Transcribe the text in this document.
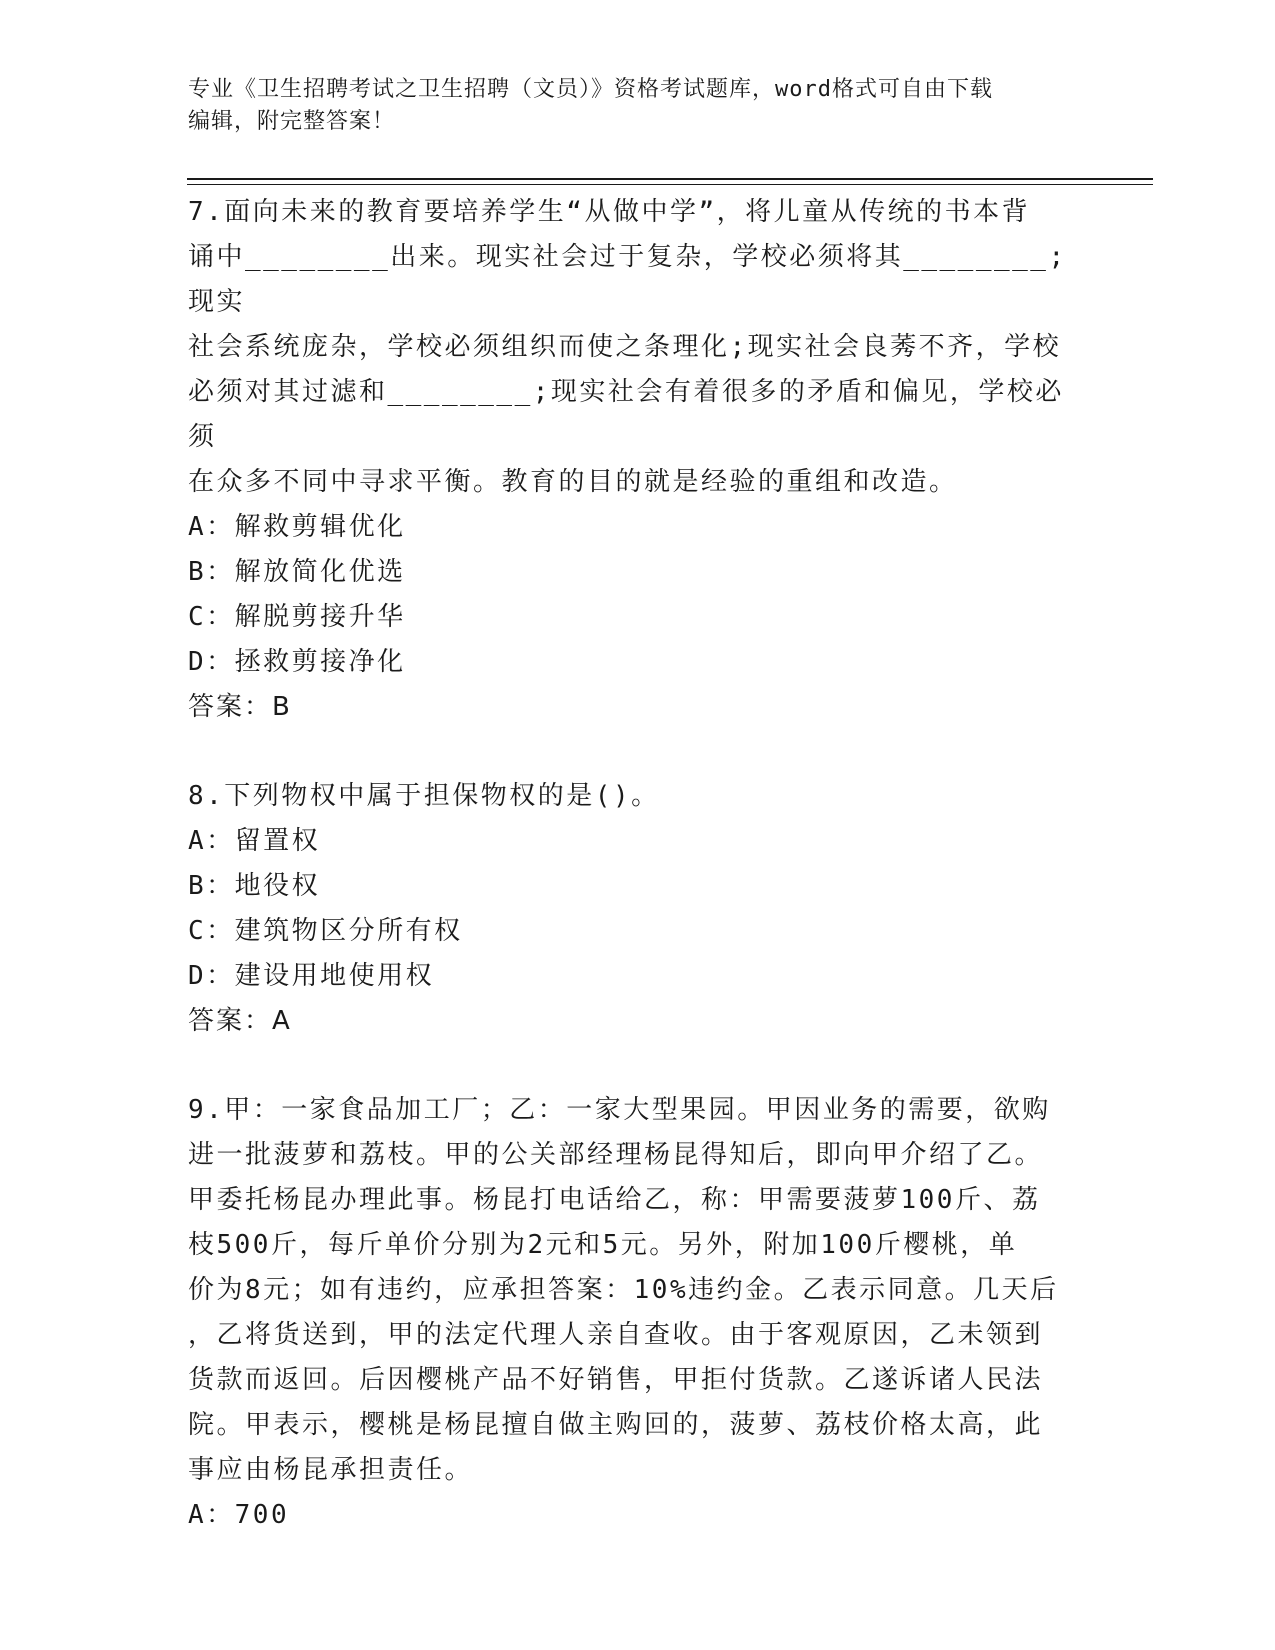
专业《卫生招聘考试之卫生招聘（文员）》资格考试题库，word格式可自由下载
编辑，附完整答案！

7.面向未来的教育要培养学生“从做中学”，将儿童从传统的书本背
诵中________出来。现实社会过于复杂，学校必须将其________;现实
社会系统庞杂，学校必须组织而使之条理化;现实社会良莠不齐，学校
必须对其过滤和________;现实社会有着很多的矛盾和偏见，学校必须
在众多不同中寻求平衡。教育的目的就是经验的重组和改造。

A：解救剪辑优化

B：解放简化优选

C：解脱剪接升华

D：拯救剪接净化

答案：B

8.下列物权中属于担保物权的是()。

A：留置权

B：地役权

C：建筑物区分所有权

D：建设用地使用权

答案：A

9.甲：一家食品加工厂；乙：一家大型果园。甲因业务的需要，欲购
进一批菠萝和荔枝。甲的公关部经理杨昆得知后，即向甲介绍了乙。
甲委托杨昆办理此事。杨昆打电话给乙，称：甲需要菠萝100斤、荔
枝500斤，每斤单价分别为2元和5元。另外，附加100斤樱桃，单
价为8元；如有违约，应承担答案：10%违约金。乙表示同意。几天后
，乙将货送到，甲的法定代理人亲自查收。由于客观原因，乙未领到
货款而返回。后因樱桃产品不好销售，甲拒付货款。乙遂诉诸人民法
院。甲表示，樱桃是杨昆擅自做主购回的，菠萝、荔枝价格太高，此
事应由杨昆承担责任。

A：700
